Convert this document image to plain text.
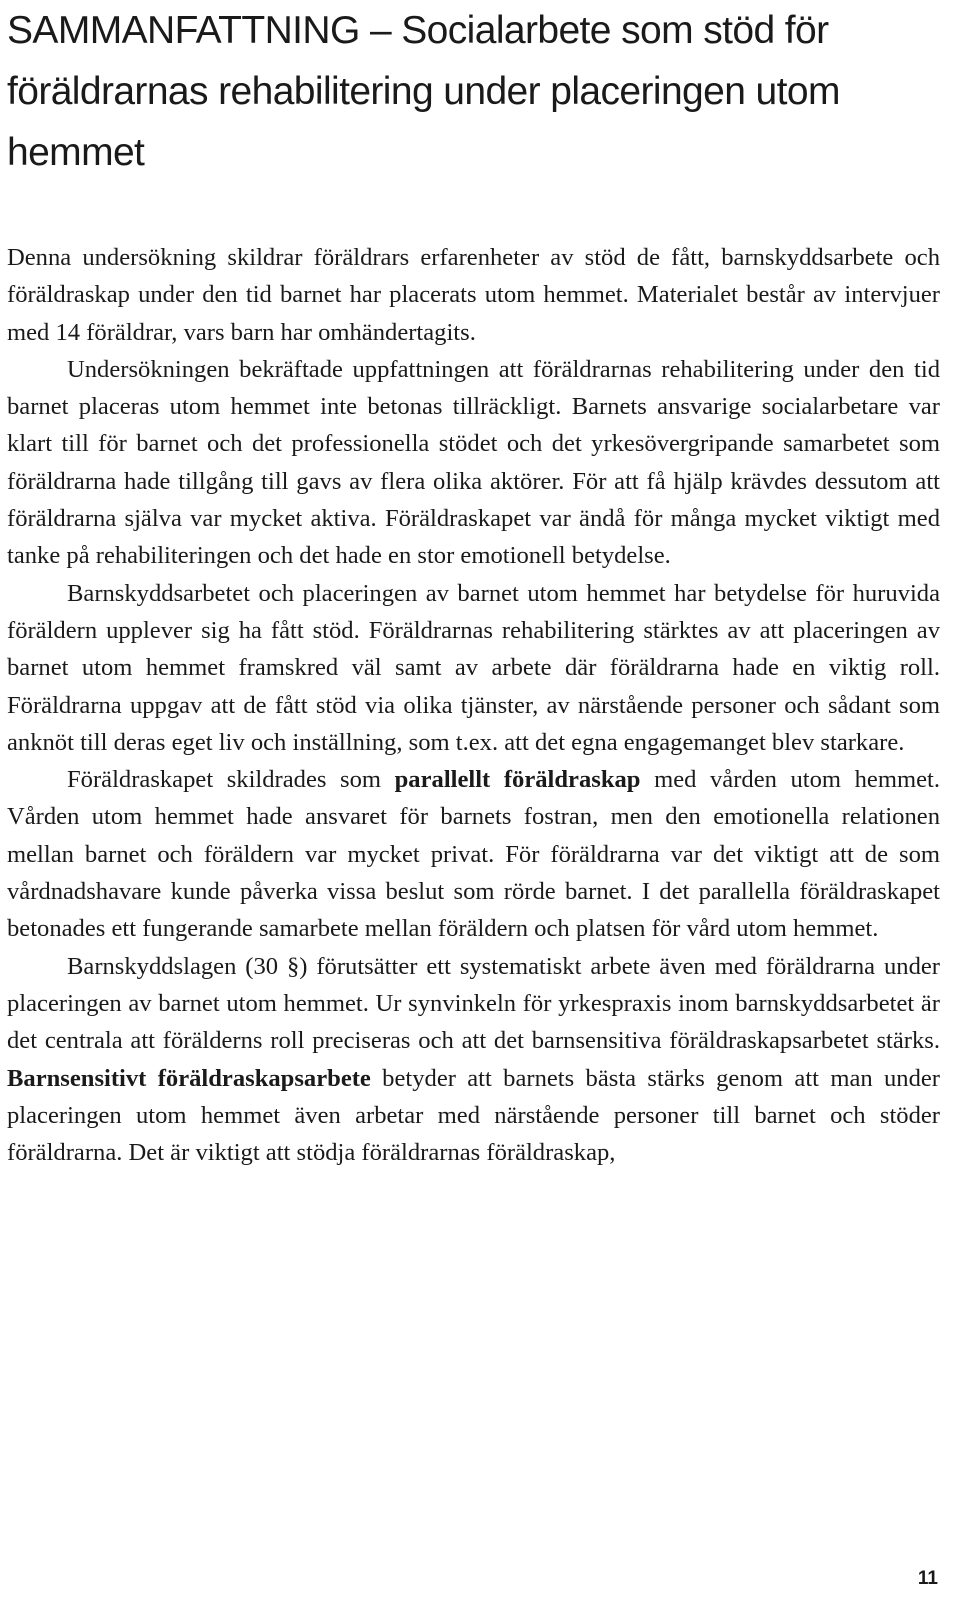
SAMMANFATTNING – Socialarbete som stöd för föräldrarnas rehabilitering under placeringen utom hemmet

Denna undersökning skildrar föräldrars erfarenheter av stöd de fått, barnskyddsarbete och föräldraskap under den tid barnet har placerats utom hemmet. Materialet består av intervjuer med 14 föräldrar, vars barn har omhändertagits.

Undersökningen bekräftade uppfattningen att föräldrarnas rehabilitering under den tid barnet placeras utom hemmet inte betonas tillräckligt. Barnets ansvarige socialarbetare var klart till för barnet och det professionella stödet och det yrkesövergripande samarbetet som föräldrarna hade tillgång till gavs av flera olika aktörer. För att få hjälp krävdes dessutom att föräldrarna själva var mycket aktiva. Föräldraskapet var ändå för många mycket viktigt med tanke på rehabiliteringen och det hade en stor emotionell betydelse.

Barnskyddsarbetet och placeringen av barnet utom hemmet har betydelse för huruvida föräldern upplever sig ha fått stöd. Föräldrarnas rehabilitering stärktes av att placeringen av barnet utom hemmet framskred väl samt av arbete där föräldrarna hade en viktig roll. Föräldrarna uppgav att de fått stöd via olika tjänster, av närstående personer och sådant som anknöt till deras eget liv och inställning, som t.ex. att det egna engagemanget blev starkare.

Föräldraskapet skildrades som parallellt föräldraskap med vården utom hemmet. Vården utom hemmet hade ansvaret för barnets fostran, men den emotionella relationen mellan barnet och föräldern var mycket privat. För föräldrarna var det viktigt att de som vårdnadshavare kunde påverka vissa beslut som rörde barnet. I det parallella föräldraskapet betonades ett fungerande samarbete mellan föräldern och platsen för vård utom hemmet.

Barnskyddslagen (30 §) förutsätter ett systematiskt arbete även med föräldrarna under placeringen av barnet utom hemmet. Ur synvinkeln för yrkespraxis inom barnskyddsarbetet är det centrala att förälderns roll preciseras och att det barnsensitiva föräldraskapsarbetet stärks. Barnsensitivt föräldraskapsarbete betyder att barnets bästa stärks genom att man under placeringen utom hemmet även arbetar med närstående personer till barnet och stöder föräldrarna. Det är viktigt att stödja föräldrarnas föräldraskap,

11
